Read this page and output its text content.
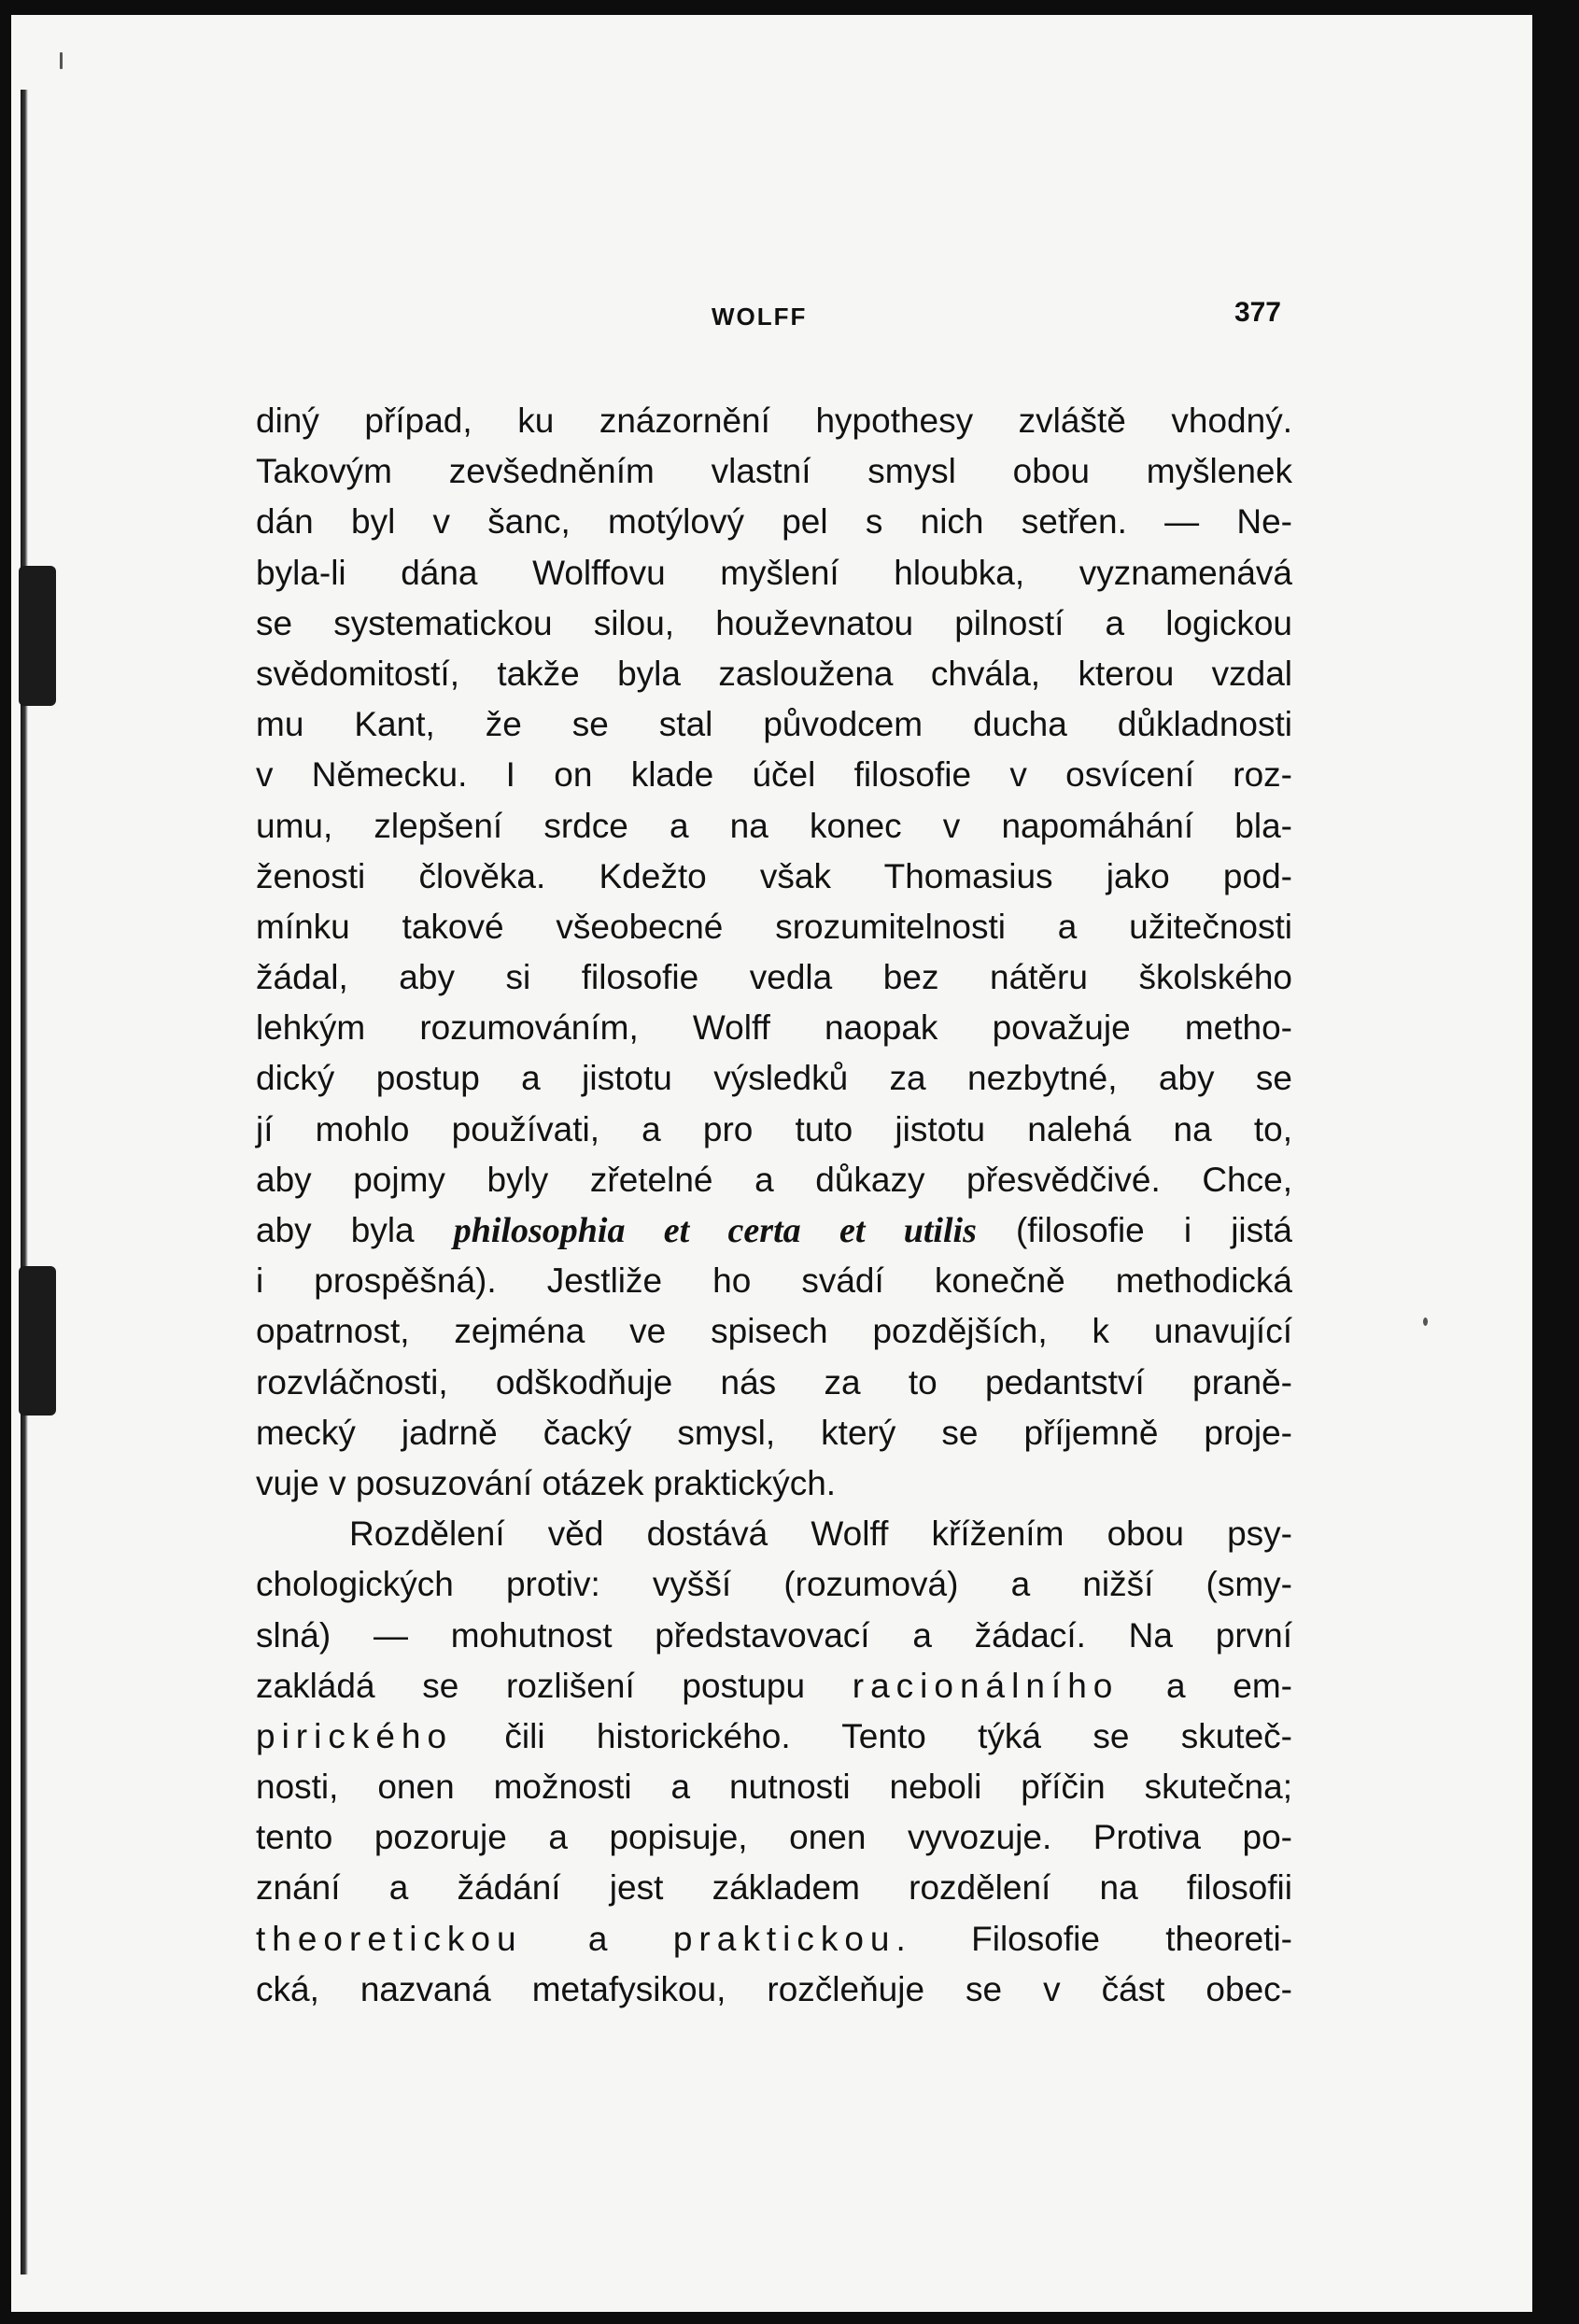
WOLFF	377
diný případ, ku znázornění hypothesy zvláště vhodný.
Takovým zevšedněním vlastní smysl obou myšlenek
dán byl v šanc, motýlový pel s nich setřen. — Ne-
byla-li dána Wolffovu myšlení hloubka, vyznamenává
se systematickou silou, houževnatou pilností a logickou
svědomitostí, takže byla zasloužena chvála, kterou vzdal
mu Kant, že se stal původcem ducha důkladnosti
v Německu. I on klade účel filosofie v osvícení roz-
umu, zlepšení srdce a na konec v napomáhání bla-
ženosti člověka. Kdežto však Thomasius jako pod-
mínku takové všeobecné srozumitelnosti a užitečnosti
žádal, aby si filosofie vedla bez nátěru školského
lehkým rozumováním, Wolff naopak považuje metho-
dický postup a jistotu výsledků za nezbytné, aby se
jí mohlo používati, a pro tuto jistotu nalehá na to,
aby pojmy byly zřetelné a důkazy přesvědčivé. Chce,
aby byla philosophia et certa et utilis (filosofie i jistá
i prospěšná). Jestliže ho svádí konečně methodická
opatrnost, zejména ve spisech pozdějších, k unavující
rozvláčnosti, odškodňuje nás za to pedantství praně-
mecký jadrně čacký smysl, který se příjemně proje-
vuje v posuzování otázek praktických.
Rozdělení věd dostává Wolff křížením obou psy-
chologických protiv: vyšší (rozumová) a nižší (smy-
slná) — mohutnost představovací a žádací. Na první
zakládá se rozlišení postupu racionálního a em-
pirického čili historického. Tento týká se skuteč-
nosti, onen možnosti a nutnosti neboli příčin skutečna;
tento pozoruje a popisuje, onen vyvozuje. Protiva po-
znání a žádání jest základem rozdělení na filosofii
theoretickou a praktickou. Filosofie theoreti-
cká, nazvaná metafysikou, rozčleňuje se v část obec-
